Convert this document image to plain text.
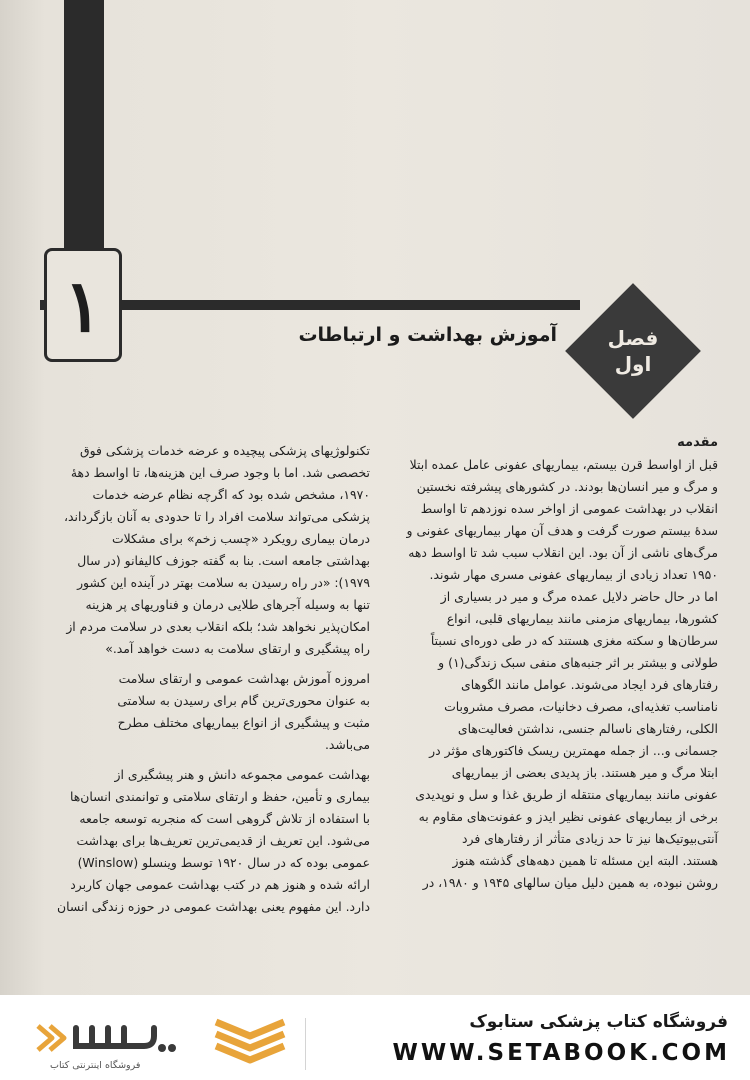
۱	آموزش بهداشت و ارتباطات	فصل
اول

مقدمه

قبل از اواسط قرن بیستم، بیماریهای عفونی عامل عمده ابتلا

و مرگ و میر انسان‌ها بودند. در کشورهای پیشرفته نخستین

انقلاب در بهداشت عمومی از اواخر سده نوزدهم تا اواسط

سدهٔ بیستم صورت گرفت و هدف آن مهار بیماریهای عفونی و

مرگ‌های ناشی از آن بود. این انقلاب سبب شد تا اواسط دهه

۱۹۵۰ تعداد زیادی از بیماریهای عفونی مسری مهار شوند.

اما در حال حاضر دلایل عمده مرگ و میر در بسیاری از

کشورها، بیماریهای مزمنی مانند بیماریهای قلبی، انواع

سرطان‌ها و سکته مغزی هستند که در طی دوره‌ای نسبتاً

طولانی و بیشتر بر اثر جنبه‌های منفی سبک زندگی(۱) و

رفتارهای فرد ایجاد می‌شوند. عوامل مانند الگوهای

نامناسب تغذیه‌ای، مصرف دخانیات، مصرف مشروبات

الکلی، رفتارهای ناسالم جنسی، نداشتن فعالیت‌های

جسمانی و... از جمله مهمترین ریسک فاکتورهای مؤثر در

ابتلا مرگ و میر هستند. باز پدیدی بعضی از بیماریهای

عفونی مانند بیماریهای منتقله از طریق غذا و سل و نوپدیدی

برخی از بیماریهای عفونی نظیر ایدز و عفونت‌های مقاوم به

آنتی‌بیوتیک‌ها نیز تا حد زیادی متأثر از رفتارهای فرد

هستند. البته این مسئله تا همین دهه‌های گذشته هنوز

روشن نبوده، به همین دلیل میان سالهای ۱۹۴۵ و ۱۹۸۰، در

تکنولوژیهای پزشکی پیچیده و عرضه خدمات پزشکی فوق

تخصصی شد. اما با وجود صرف این هزینه‌ها، تا اواسط دههٔ

۱۹۷۰، مشخص شده بود که اگرچه نظام عرضه خدمات

پزشکی می‌تواند سلامت افراد را تا حدودی به آنان بازگرداند،

درمان بیماری رویکرد «چسب زخم» برای مشکلات

بهداشتی جامعه است. بنا به گفته جوزف کالیفانو (در سال

۱۹۷۹): «در راه رسیدن به سلامت بهتر در آینده این کشور

تنها به وسیله آجرهای طلایی درمان و فناوریهای پر هزینه

امکان‌پذیر نخواهد شد؛ بلکه انقلاب بعدی در سلامت مردم از

راه پیشگیری و ارتقای سلامت به دست خواهد آمد.»

امروزه آموزش بهداشت عمومی و ارتقای سلامت

به عنوان محوری‌ترین گام برای رسیدن به سلامتی

مثبت و پیشگیری از انواع بیماریهای مختلف مطرح

می‌باشد.

بهداشت عمومی مجموعه دانش و هنر پیشگیری از

بیماری و تأمین، حفظ و ارتقای سلامتی و توانمندی انسان‌ها

با استفاده از تلاش گروهی است که منجربه توسعه جامعه

می‌شود. این تعریف از قدیمی‌ترین تعریف‌ها برای بهداشت

عمومی بوده که در سال ۱۹۲۰ توسط وینسلو (Winslow)

ارائه شده و هنوز هم در کتب بهداشت عمومی جهان کاربرد

دارد. این مفهوم یعنی بهداشت عمومی در حوزه زندگی انسان

فروشگاه اینترنتی کتاب
فروشگاه کتاب پزشکی ستابوک
WWW.SETABOOK.COM
